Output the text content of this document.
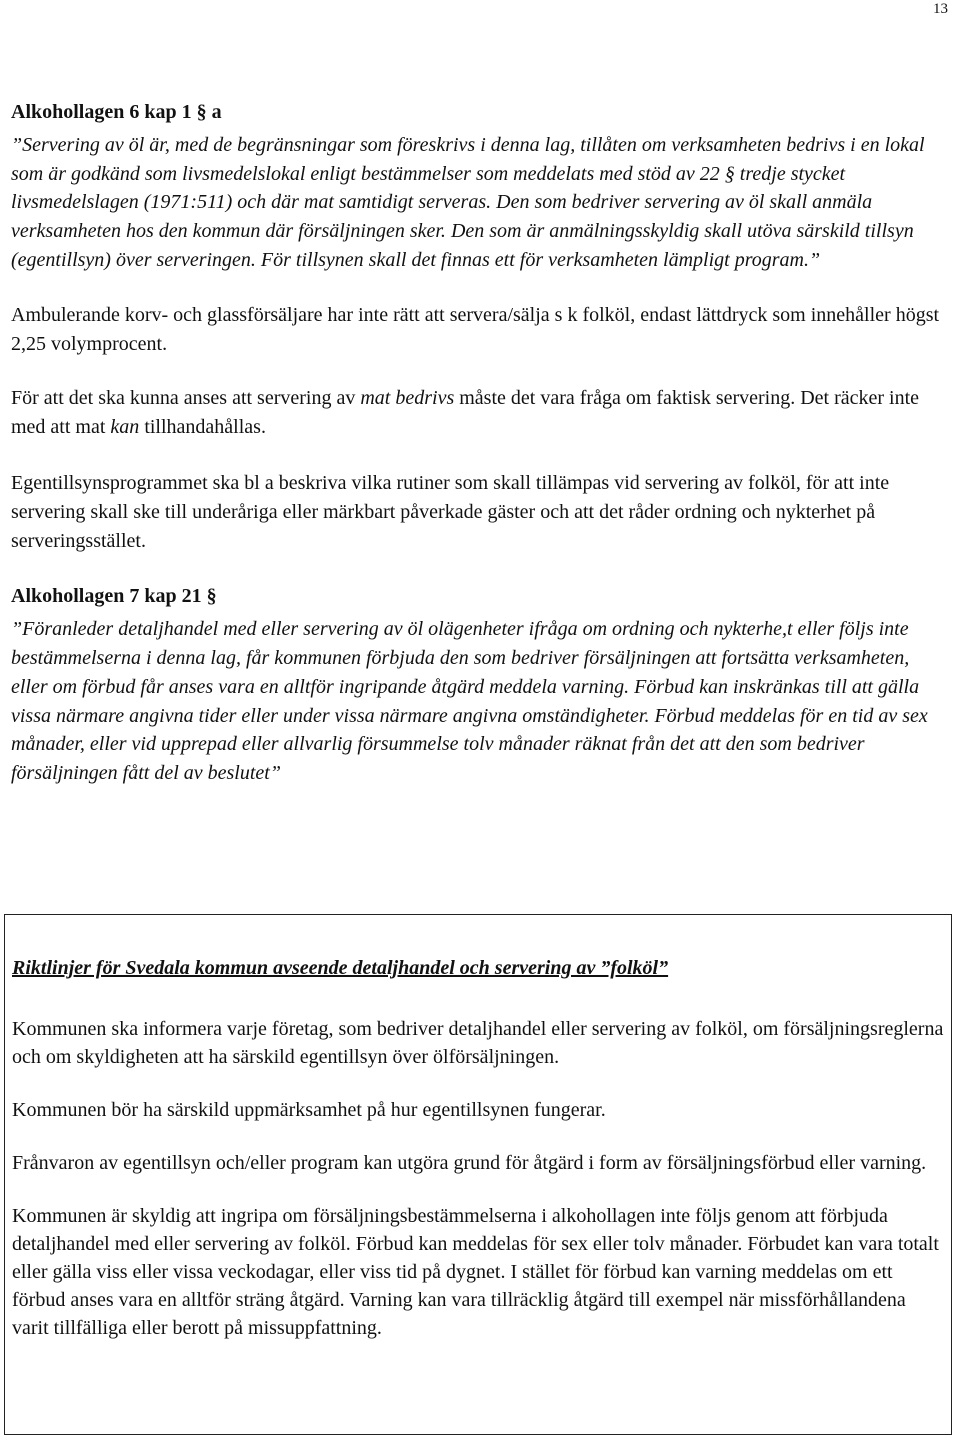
13

Alkohollagen 6 kap 1 § a

”Servering av öl är, med de begränsningar som föreskrivs i denna lag, tillåten om verksamheten bedrivs i en lokal som är godkänd som livsmedelslokal enligt bestämmelser som meddelats med stöd av 22 § tredje stycket livsmedelslagen (1971:511) och där mat samtidigt serveras. Den som bedriver servering av öl skall anmäla verksamheten hos den kommun där försäljningen sker. Den som är anmälningsskyldig skall utöva särskild tillsyn (egentillsyn) över serveringen. För tillsynen skall det finnas ett för verksamheten lämpligt program.”

Ambulerande korv- och glassförsäljare har inte rätt att servera/sälja s k folköl, endast lättdryck som innehåller högst 2,25 volymprocent.

För att det ska kunna anses att servering av mat bedrivs måste det vara fråga om faktisk servering. Det räcker inte med att mat kan tillhandahållas.

Egentillsynsprogrammet ska bl a beskriva vilka rutiner som skall tillämpas vid servering av folköl, för att inte servering skall ske till underåriga eller märkbart påverkade gäster och att det råder ordning och nykterhet på serveringsstället.

Alkohollagen 7 kap 21 §

”Föranleder detaljhandel med eller servering av öl olägenheter ifråga om ordning och nykterhe,t eller följs inte bestämmelserna i denna lag, får kommunen förbjuda den som bedriver försäljningen att fortsätta verksamheten, eller om förbud får anses vara en alltför ingripande åtgärd meddela varning. Förbud kan inskränkas till att gälla vissa närmare angivna tider eller under vissa närmare angivna omständigheter. Förbud meddelas för en tid av sex månader, eller vid upprepad eller allvarlig försummelse tolv månader räknat från det att den som bedriver försäljningen fått del av beslutet”

Riktlinjer för Svedala kommun avseende detaljhandel och servering av ”folköl”

Kommunen ska informera varje företag, som bedriver detaljhandel eller servering av folköl, om försäljningsreglerna och om skyldigheten att ha särskild egentillsyn över ölförsäljningen.

Kommunen bör ha särskild uppmärksamhet på hur egentillsynen fungerar.

Frånvaron av egentillsyn och/eller program kan utgöra grund för åtgärd i form av försäljningsförbud eller varning.

Kommunen är skyldig att ingripa om försäljningsbestämmelserna i alkohollagen inte följs genom att förbjuda detaljhandel med eller servering av folköl. Förbud kan meddelas för sex eller tolv månader. Förbudet kan vara totalt eller gälla viss eller vissa veckodagar, eller viss tid på dygnet. I stället för förbud kan varning meddelas om ett förbud anses vara en alltför sträng åtgärd. Varning kan vara tillräcklig åtgärd till exempel när missförhållandena varit tillfälliga eller berott på missuppfattning.
